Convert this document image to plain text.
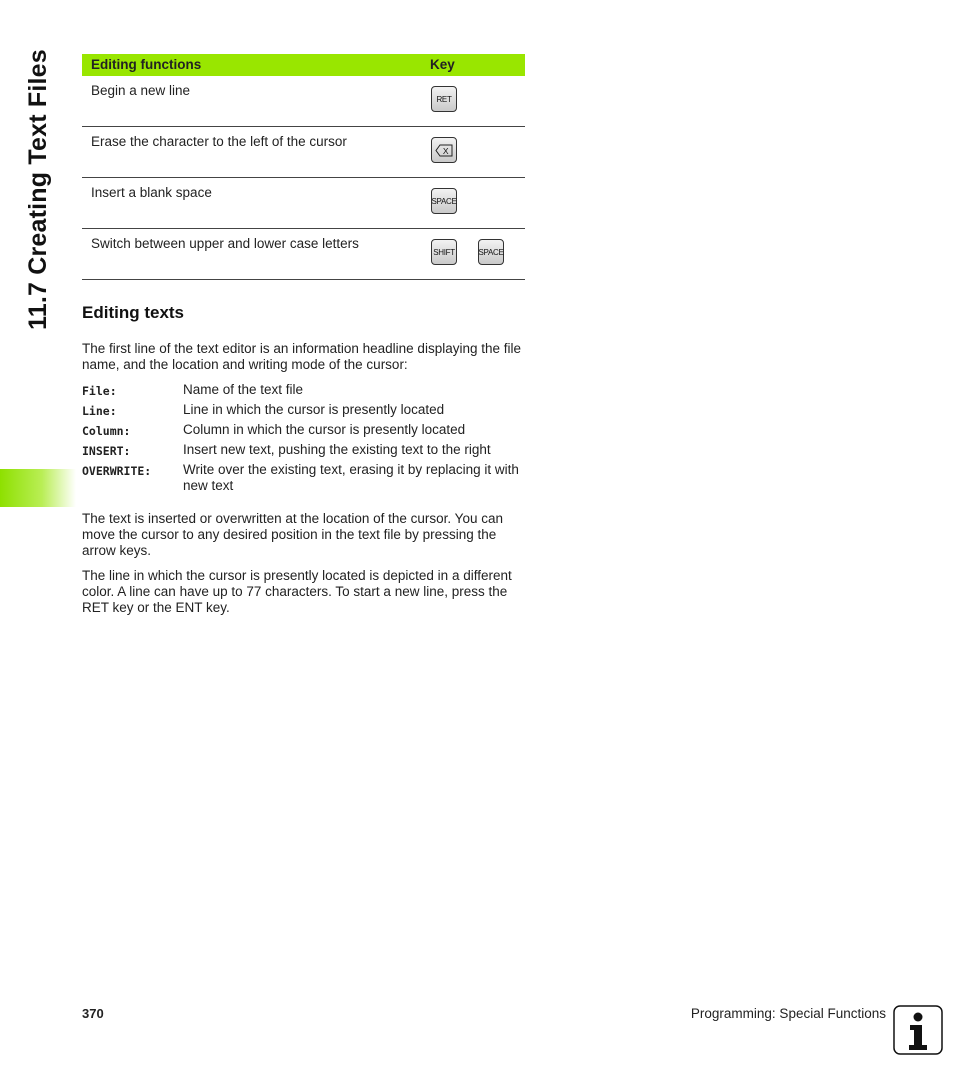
11.7 Creating Text Files	Editing functions	Key
Begin a new line	RET
Erase the character to the left of the cursor	X

Insert a blank space	SPACE
Switch between upper and lower case letters	SHIFT SPACE
Editing texts

The first line of the text editor is an information headline displaying the file name, and the location and writing mode of the cursor:

File:	Name of the text file
Line:	Line in which the cursor is presently located
Column:	Column in which the cursor is presently located
INSERT:	Insert new text, pushing the existing text to the right
OVERWRITE:	Write over the existing text, erasing it by replacing it with new text

The text is inserted or overwritten at the location of the cursor. You can move the cursor to any desired position in the text file by pressing the arrow keys.

The line in which the cursor is presently located is depicted in a different color. A line can have up to 77 characters. To start a new line, press the RET key or the ENT key.

370	Programming: Special Functions
